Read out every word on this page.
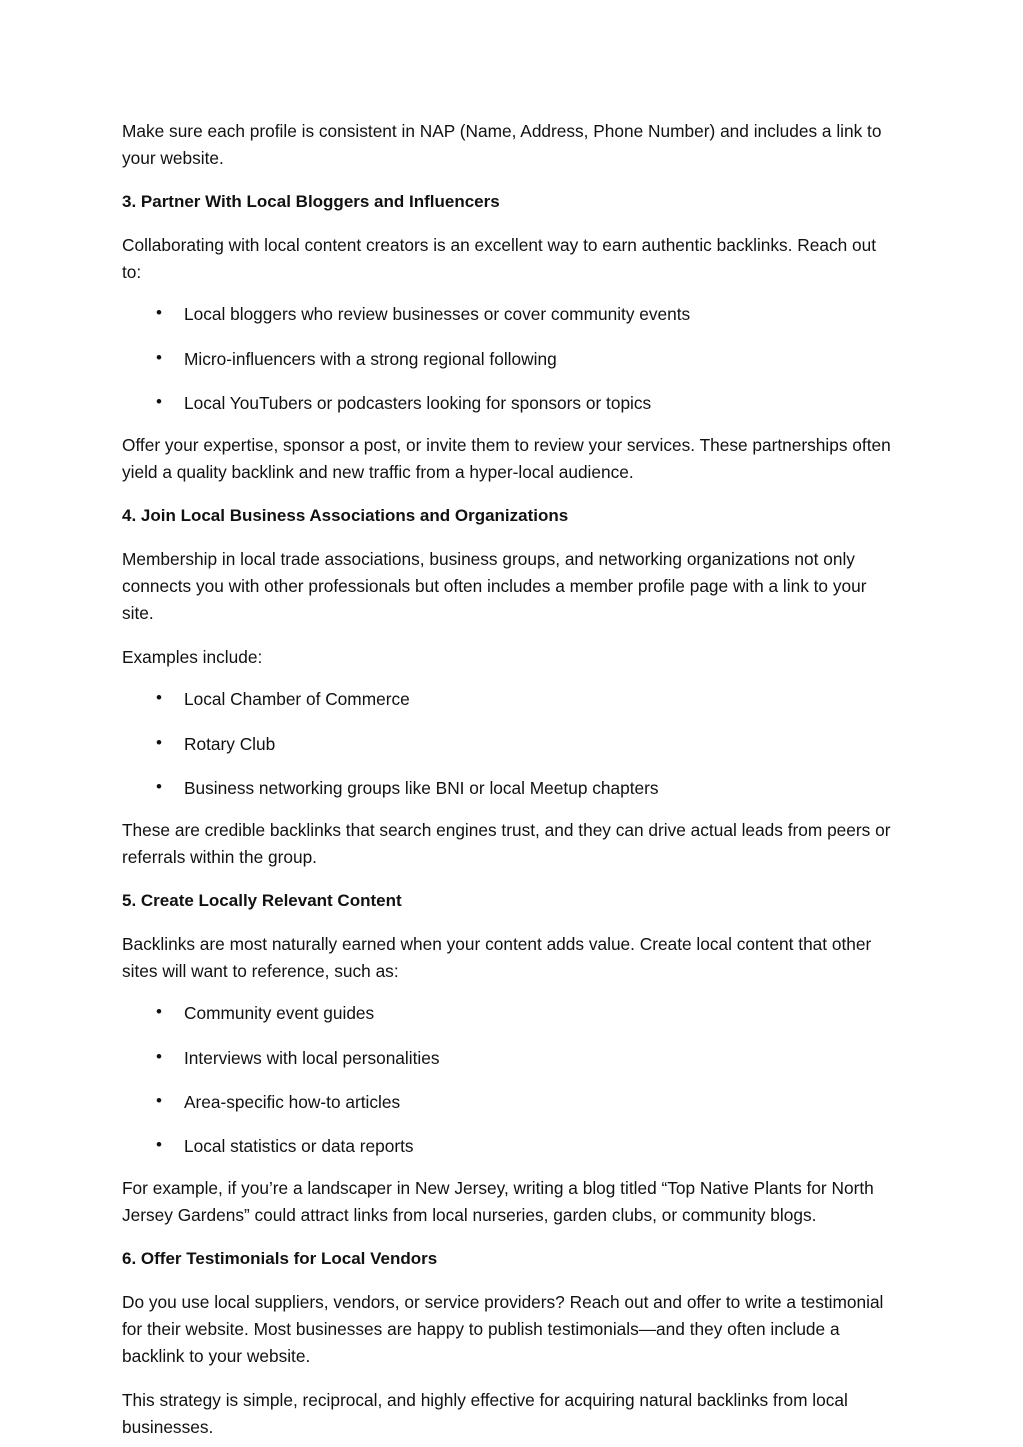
Make sure each profile is consistent in NAP (Name, Address, Phone Number) and includes a link to your website.

3. Partner With Local Bloggers and Influencers

Collaborating with local content creators is an excellent way to earn authentic backlinks. Reach out to:

• Local bloggers who review businesses or cover community events
• Micro-influencers with a strong regional following
• Local YouTubers or podcasters looking for sponsors or topics

Offer your expertise, sponsor a post, or invite them to review your services. These partnerships often yield a quality backlink and new traffic from a hyper-local audience.

4. Join Local Business Associations and Organizations

Membership in local trade associations, business groups, and networking organizations not only connects you with other professionals but often includes a member profile page with a link to your site.

Examples include:

• Local Chamber of Commerce
• Rotary Club
• Business networking groups like BNI or local Meetup chapters

These are credible backlinks that search engines trust, and they can drive actual leads from peers or referrals within the group.

5. Create Locally Relevant Content

Backlinks are most naturally earned when your content adds value. Create local content that other sites will want to reference, such as:

• Community event guides
• Interviews with local personalities
• Area-specific how-to articles
• Local statistics or data reports

For example, if you’re a landscaper in New Jersey, writing a blog titled “Top Native Plants for North Jersey Gardens” could attract links from local nurseries, garden clubs, or community blogs.

6. Offer Testimonials for Local Vendors

Do you use local suppliers, vendors, or service providers? Reach out and offer to write a testimonial for their website. Most businesses are happy to publish testimonials—and they often include a backlink to your website.

This strategy is simple, reciprocal, and highly effective for acquiring natural backlinks from local businesses.
